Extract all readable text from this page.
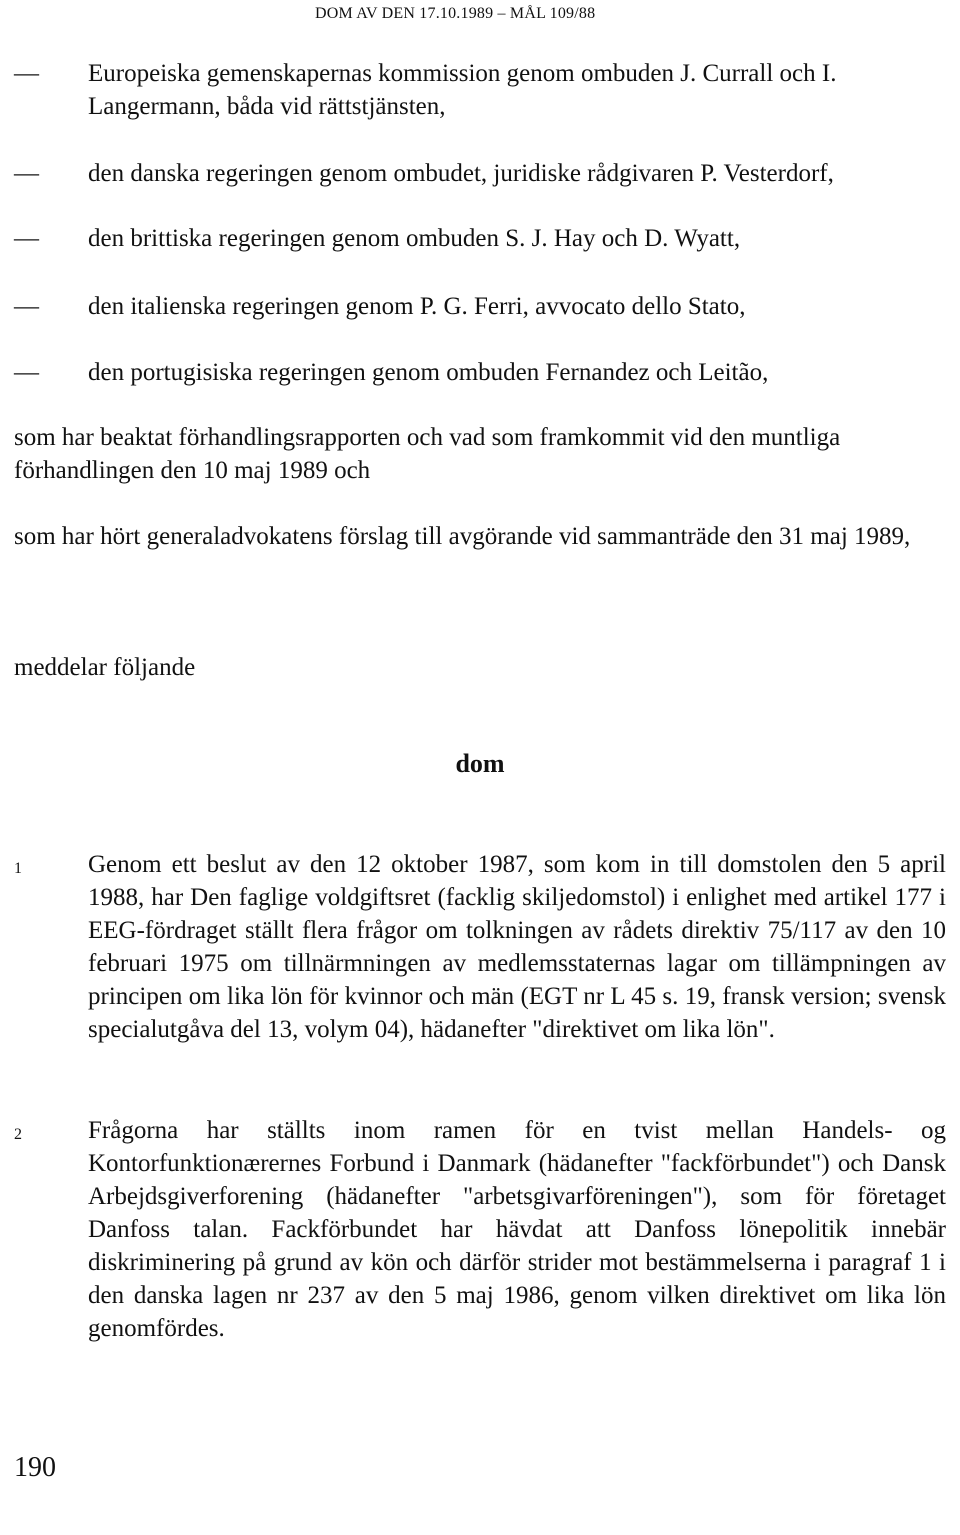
DOM AV DEN 17.10.1989 – MÅL 109/88
—	Europeiska gemenskapernas kommission genom ombuden J. Currall och I. Langermann, båda vid rättstjänsten,
—	den danska regeringen genom ombudet, juridiske rådgivaren P. Vesterdorf,
—	den brittiska regeringen genom ombuden S. J. Hay och D. Wyatt,
—	den italienska regeringen genom P. G. Ferri, avvocato dello Stato,
—	den portugisiska regeringen genom ombuden Fernandez och Leitão,
som har beaktat förhandlingsrapporten och vad som framkommit vid den muntliga förhandlingen den 10 maj 1989 och
som har hört generaladvokatens förslag till avgörande vid sammanträde den 31 maj 1989,
meddelar följande
dom
1	Genom ett beslut av den 12 oktober 1987, som kom in till domstolen den 5 april 1988, har Den faglige voldgiftsret (facklig skiljedomstol) i enlighet med artikel 177 i EEG-fördraget ställt flera frågor om tolkningen av rådets direktiv 75/117 av den 10 februari 1975 om tillnärmningen av medlemsstaternas lagar om tillämpningen av principen om lika lön för kvinnor och män (EGT nr L 45 s. 19, fransk version; svensk specialutgåva del 13, volym 04), hädanefter "direktivet om lika lön".
2	Frågorna har ställts inom ramen för en tvist mellan Handels- og Kontorfunktionærernes Forbund i Danmark (hädanefter "fackförbundet") och Dansk Arbejdsgiverforening (hädanefter "arbetsgivarföreningen"), som för företaget Danfoss talan. Fackförbundet har hävdat att Danfoss lönepolitik innebär diskriminering på grund av kön och därför strider mot bestämmelserna i paragraf 1 i den danska lagen nr 237 av den 5 maj 1986, genom vilken direktivet om lika lön genomfördes.
190
